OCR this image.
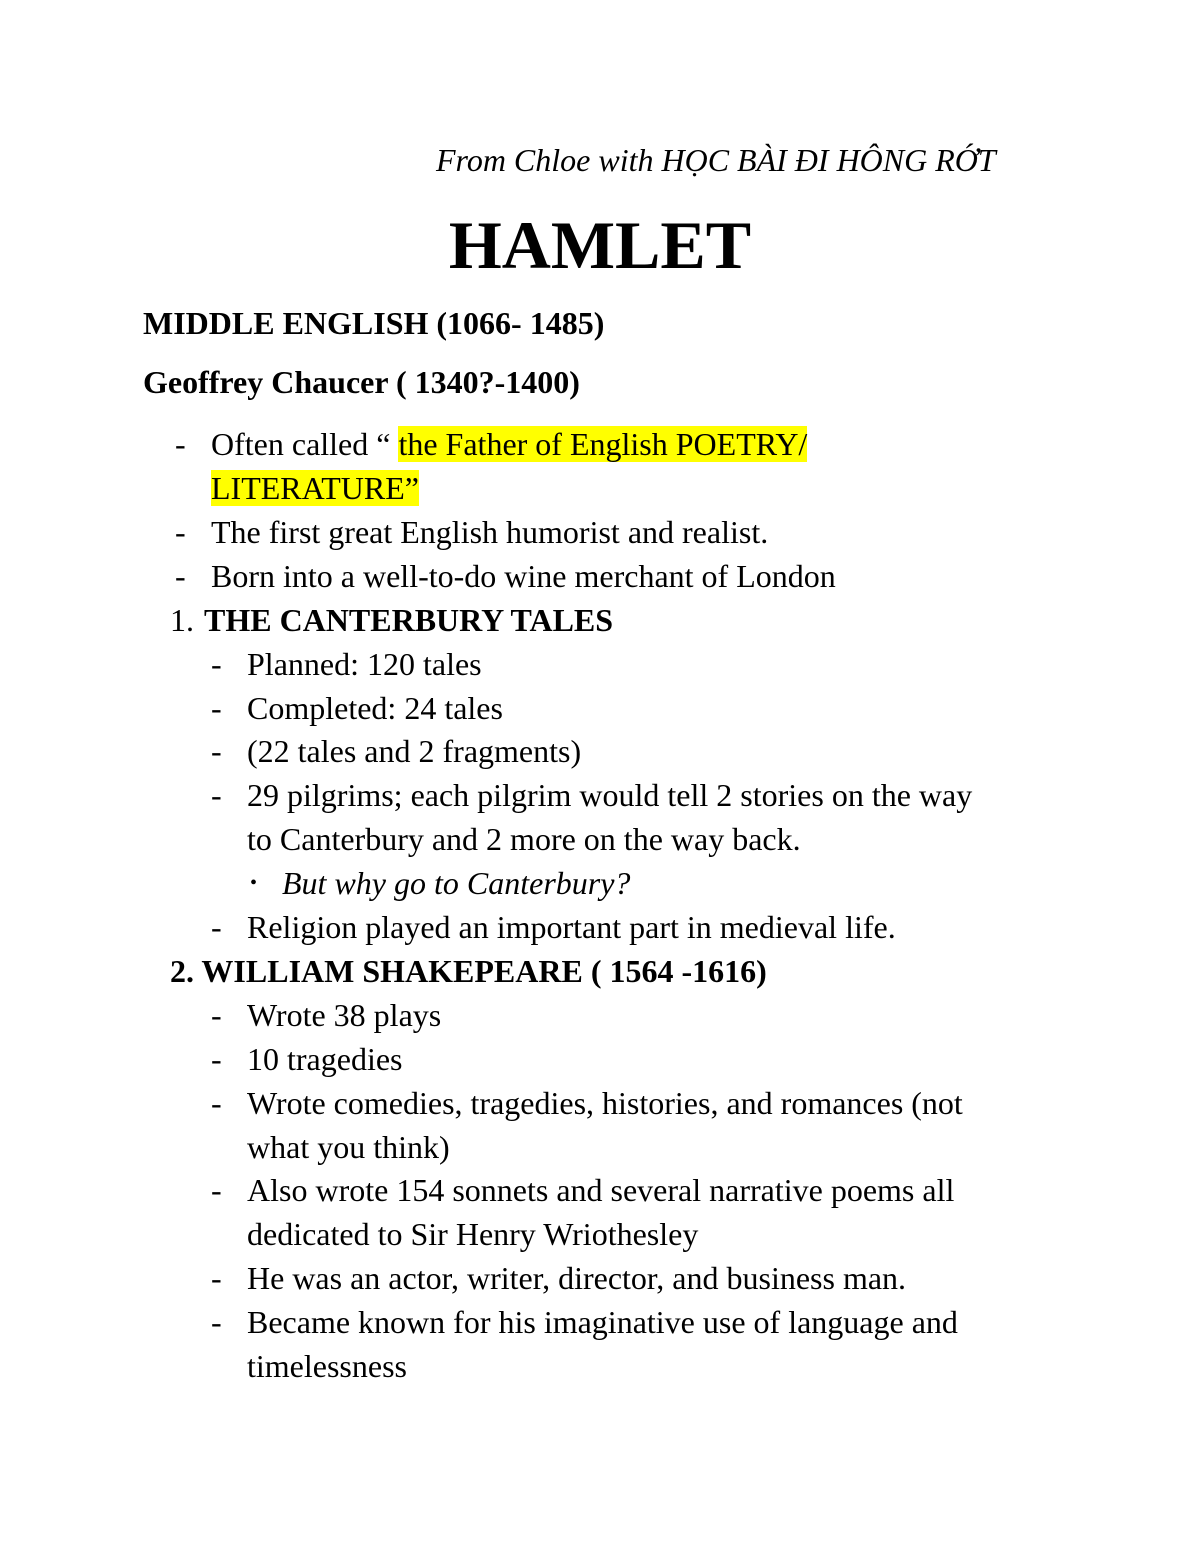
From Chloe with HỌC BÀI ĐI HÔNG RỚT
HAMLET
MIDDLE ENGLISH (1066- 1485)
Geoffrey Chaucer ( 1340?-1400)
- Often called “ the Father of English POETRY/
LITERATURE”
- The first great English humorist and realist.
- Born into a well-to-do wine merchant of London
1. THE CANTERBURY TALES
- Planned: 120 tales
- Completed: 24 tales
- (22 tales and 2 fragments)
- 29 pilgrims; each pilgrim would tell 2 stories on the way
to Canterbury and 2 more on the way back.
• But why go to Canterbury?
- Religion played an important part in medieval life.
2. WILLIAM SHAKEPEARE ( 1564 -1616)
- Wrote 38 plays
- 10 tragedies
- Wrote comedies, tragedies, histories, and romances (not
what you think)
- Also wrote 154 sonnets and several narrative poems all
dedicated to Sir Henry Wriothesley
- He was an actor, writer, director, and business man.
- Became known for his imaginative use of language and
timelessness
